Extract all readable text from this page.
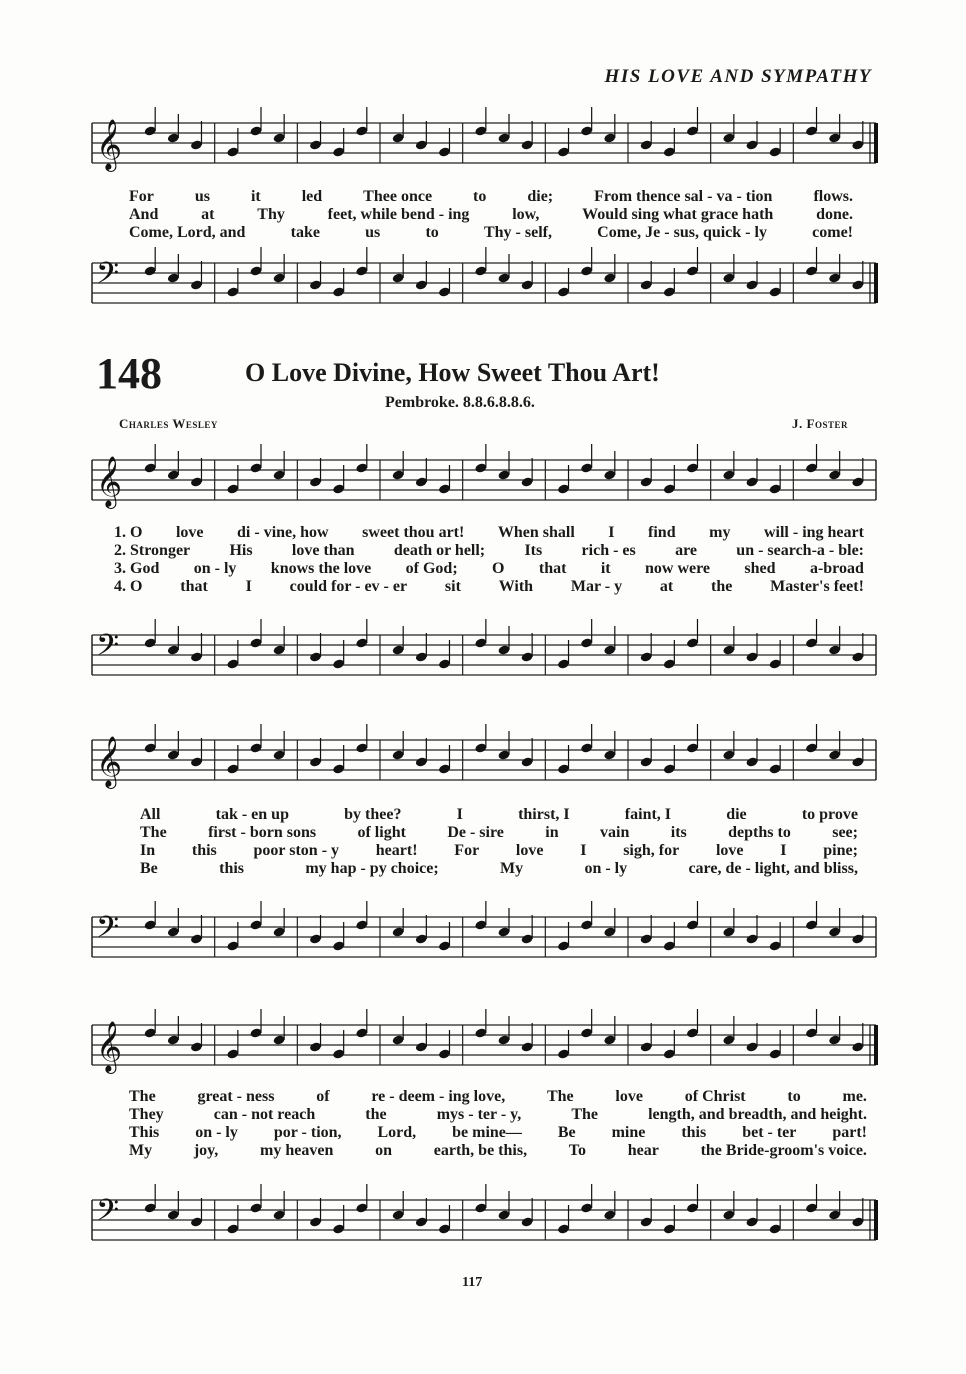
HIS LOVE AND SYMPATHY
𝄞
For	us	it	led	Thee once	to	die;	From thence sal - va - tion	flows.
And	at	Thy	feet, while bend - ing	low,	Would sing what grace hath	done.
Come, Lord, and	take	us	to	Thy - self,	Come, Je - sus, quick - ly	come!
𝄢
148	O Love Divine, How Sweet Thou Art!
Pembroke. 8.8.6.8.8.6.
Charles Wesley	J. Foster
𝄞
1. O love di - vine, how sweet thou art! When shall I find my will - ing heart
2. Stronger His love than death or hell; Its rich - es are un - search-a - ble:
3. God on - ly knows the love of God; O that it now were shed a-broad
4. O that I could for - ev - er sit With Mar - y at the Master's feet!
𝄢
𝄞
All	tak - en up	by thee?	I	thirst, I	faint, I	die	to prove
The	first - born sons	of light	De - sire	in	vain	its	depths to	see;
In this poor ston - y heart! For love I sigh, for love I pine;
Be	this	my hap - py choice;	My	on - ly	care, de - light, and bliss,
𝄢
𝄞
The	great - ness	of	re - deem - ing love,	The	love	of Christ	to	me.
They	can - not reach	the	mys - ter - y,	The	length, and breadth, and height.
This on - ly por - tion, Lord, be mine— Be mine this bet - ter part!
My	joy,	my heaven	on	earth, be this,	To	hear	the Bride-groom's voice.
𝄢
117
